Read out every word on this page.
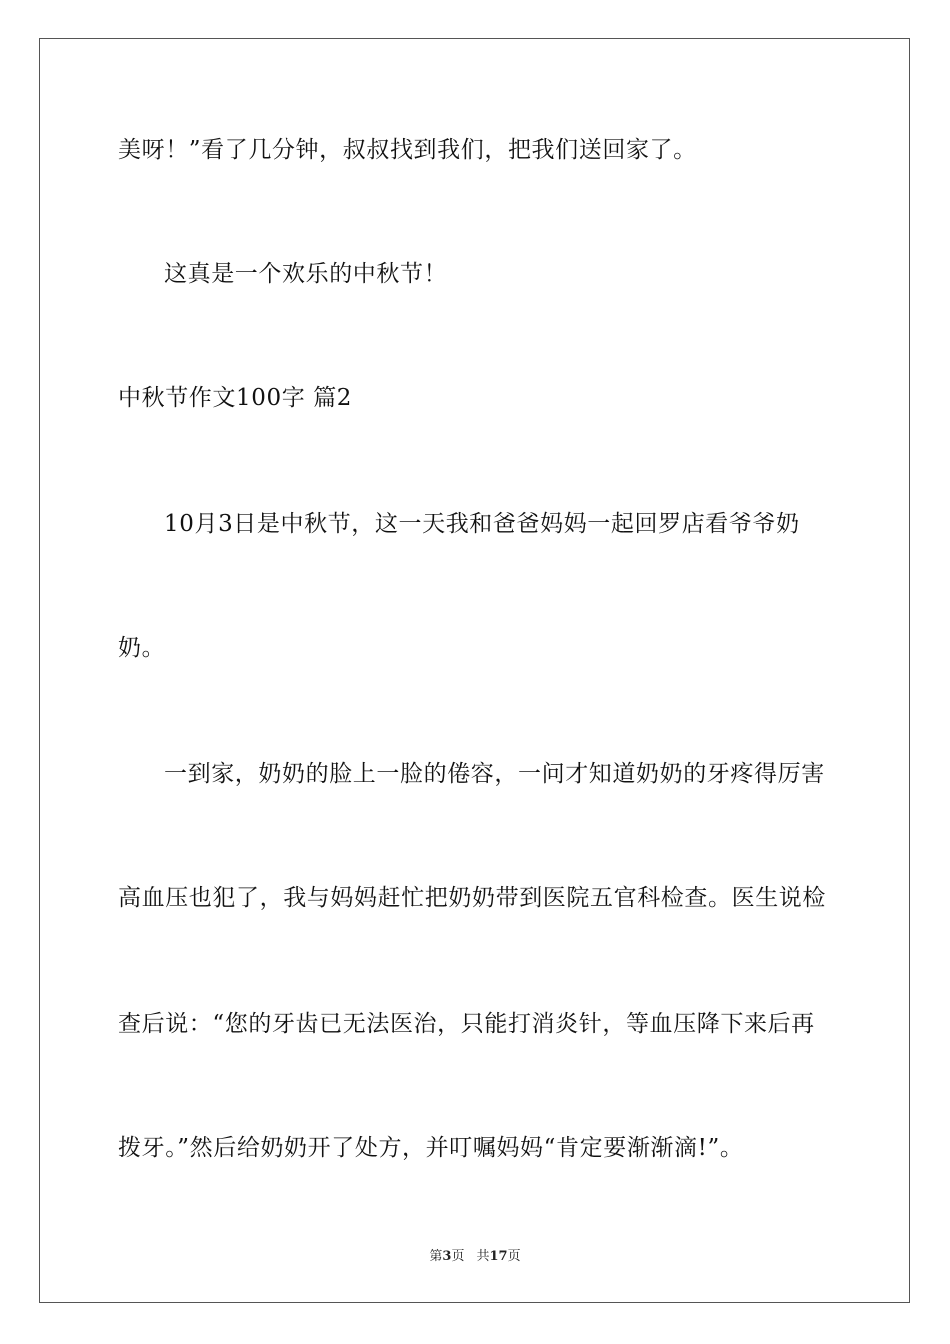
美呀！”看了几分钟，叔叔找到我们，把我们送回家了。
这真是一个欢乐的中秋节！
中秋节作文100字 篇2
10月3日是中秋节，这一天我和爸爸妈妈一起回罗店看爷爷奶
奶。
一到家，奶奶的脸上一脸的倦容，一问才知道奶奶的牙疼得厉害
高血压也犯了，我与妈妈赶忙把奶奶带到医院五官科检查。医生说检
查后说：“您的牙齿已无法医治，只能打消炎针，等血压降下来后再
拨牙。”然后给奶奶开了处方，并叮嘱妈妈“肯定要渐渐滴!”。
第3页 共17页
